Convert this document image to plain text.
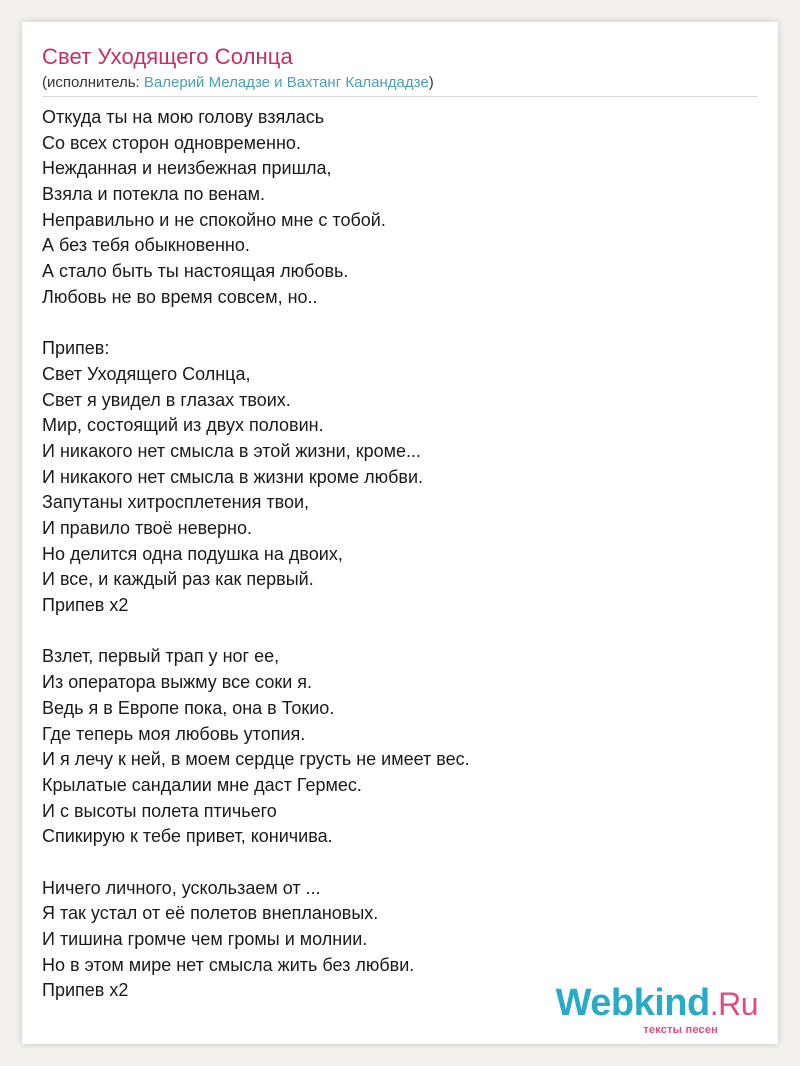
Свет Уходящего Солнца
(исполнитель: Валерий Меладзе и Вахтанг Каландадзе)
Откуда ты на мою голову взялась
Со всех сторон одновременно.
Нежданная и неизбежная пришла,
Взяла и потекла по венам.
Неправильно и не спокойно мне с тобой.
А без тебя обыкновенно.
А стало быть ты настоящая любовь.
Любовь не во время совсем, но..
Припев:
Свет Уходящего Солнца,
Свет я увидел в глазах твоих.
Мир, состоящий из двух половин.
И никакого нет смысла в этой жизни, кроме...
И никакого нет смысла в жизни кроме любви.
Запутаны хитросплетения твои,
И правило твоё неверно.
Но делится одна подушка на двоих,
И все, и каждый раз как первый.
Припев x2
Взлет, первый трап у ног ее,
Из оператора выжму все соки я.
Ведь я в Европе пока, она в Токио.
Где теперь моя любовь утопия.
И я лечу к ней, в моем сердце грусть не имеет вес.
Крылатые сандалии мне даст Гермес.
И с высоты полета птичьего
Спикирую к тебе привет, коничива.
Ничего личного, ускользаем от ...
Я так устал от её полетов внеплановых.
И тишина громче чем громы и молнии.
Но в этом мире нет смысла жить без любви.
Припев x2	Webkind.Ru
тексты песен
